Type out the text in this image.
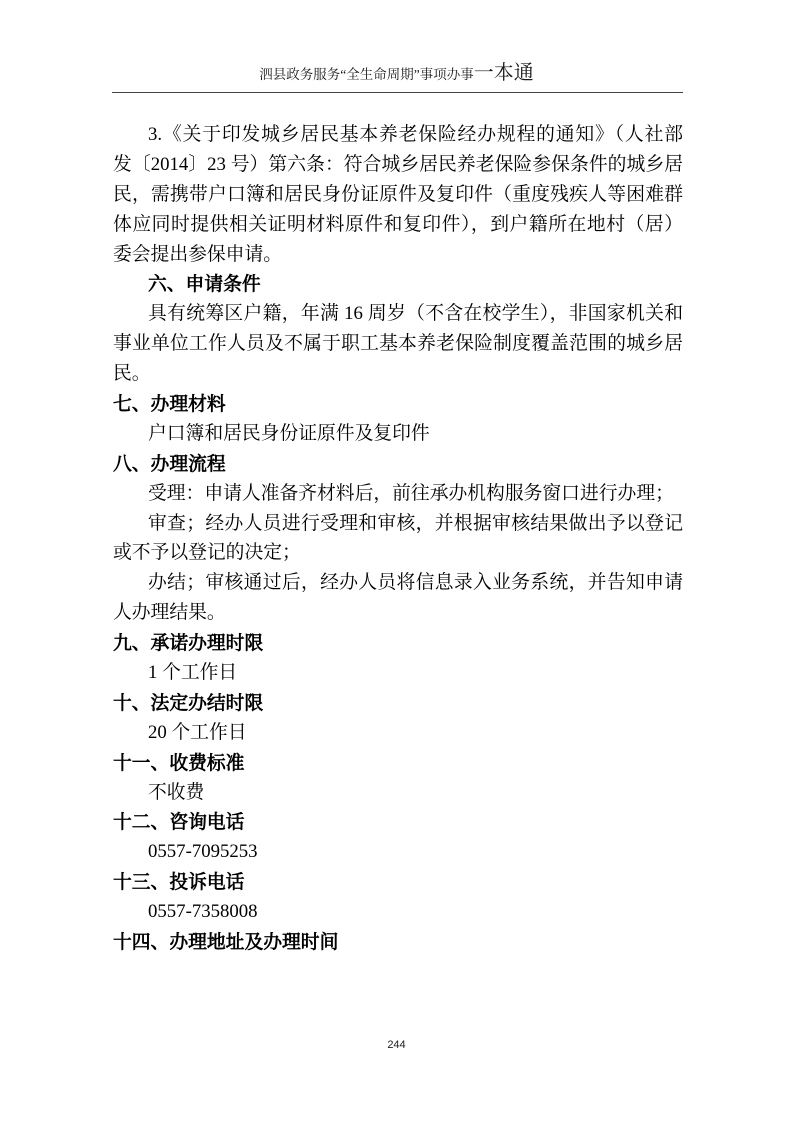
泗县政务服务“全生命周期”事项办事一本通
3.《关于印发城乡居民基本养老保险经办规程的通知》（人社部
发〔2014〕23 号）第六条：符合城乡居民养老保险参保条件的城乡居
民，需携带户口簿和居民身份证原件及复印件（重度残疾人等困难群
体应同时提供相关证明材料原件和复印件），到户籍所在地村（居）
委会提出参保申请。
六、申请条件
具有统筹区户籍，年满 16 周岁（不含在校学生），非国家机关和
事业单位工作人员及不属于职工基本养老保险制度覆盖范围的城乡居
民。
七、办理材料
户口簿和居民身份证原件及复印件
八、办理流程
受理：申请人准备齐材料后，前往承办机构服务窗口进行办理；
审查；经办人员进行受理和审核，并根据审核结果做出予以登记
或不予以登记的决定；
办结；审核通过后，经办人员将信息录入业务系统，并告知申请
人办理结果。
九、承诺办理时限
1 个工作日
十、法定办结时限
20 个工作日
十一、收费标准
不收费
十二、咨询电话
0557-7095253
十三、投诉电话
0557-7358008
十四、办理地址及办理时间
244
